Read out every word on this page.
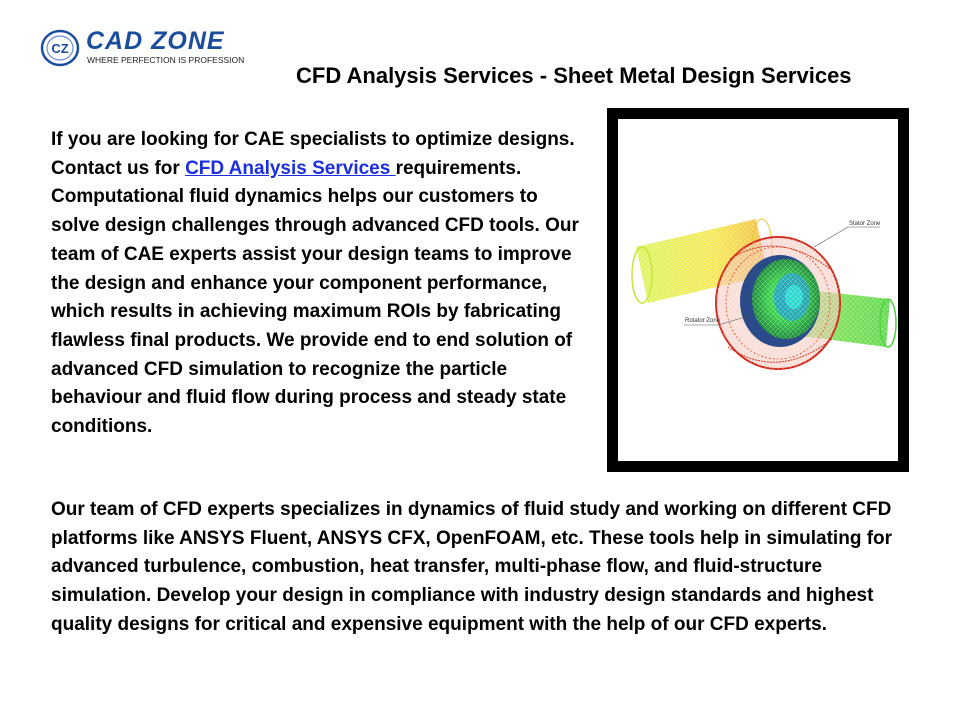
CZ CAD ZONE
WHERE PERFECTION IS PROFESSION
CFD Analysis Services - Sheet Metal Design Services

If you are looking for CAE specialists to optimize designs. Contact us for CFD Analysis Services requirements. Computational fluid dynamics helps our customers to solve design challenges through advanced CFD tools. Our team of CAE experts assist your design teams to improve the design and enhance your component performance, which results in achieving maximum ROIs by fabricating flawless final products. We provide end to end solution of advanced CFD simulation to recognize the particle behaviour and fluid flow during process and steady state conditions.

Stator Zone
Rotator Zone

Our team of CFD experts specializes in dynamics of fluid study and working on different CFD platforms like ANSYS Fluent, ANSYS CFX, OpenFOAM, etc. These tools help in simulating for advanced turbulence, combustion, heat transfer, multi-phase flow, and fluid-structure simulation. Develop your design in compliance with industry design standards and highest quality designs for critical and expensive equipment with the help of our CFD experts.
